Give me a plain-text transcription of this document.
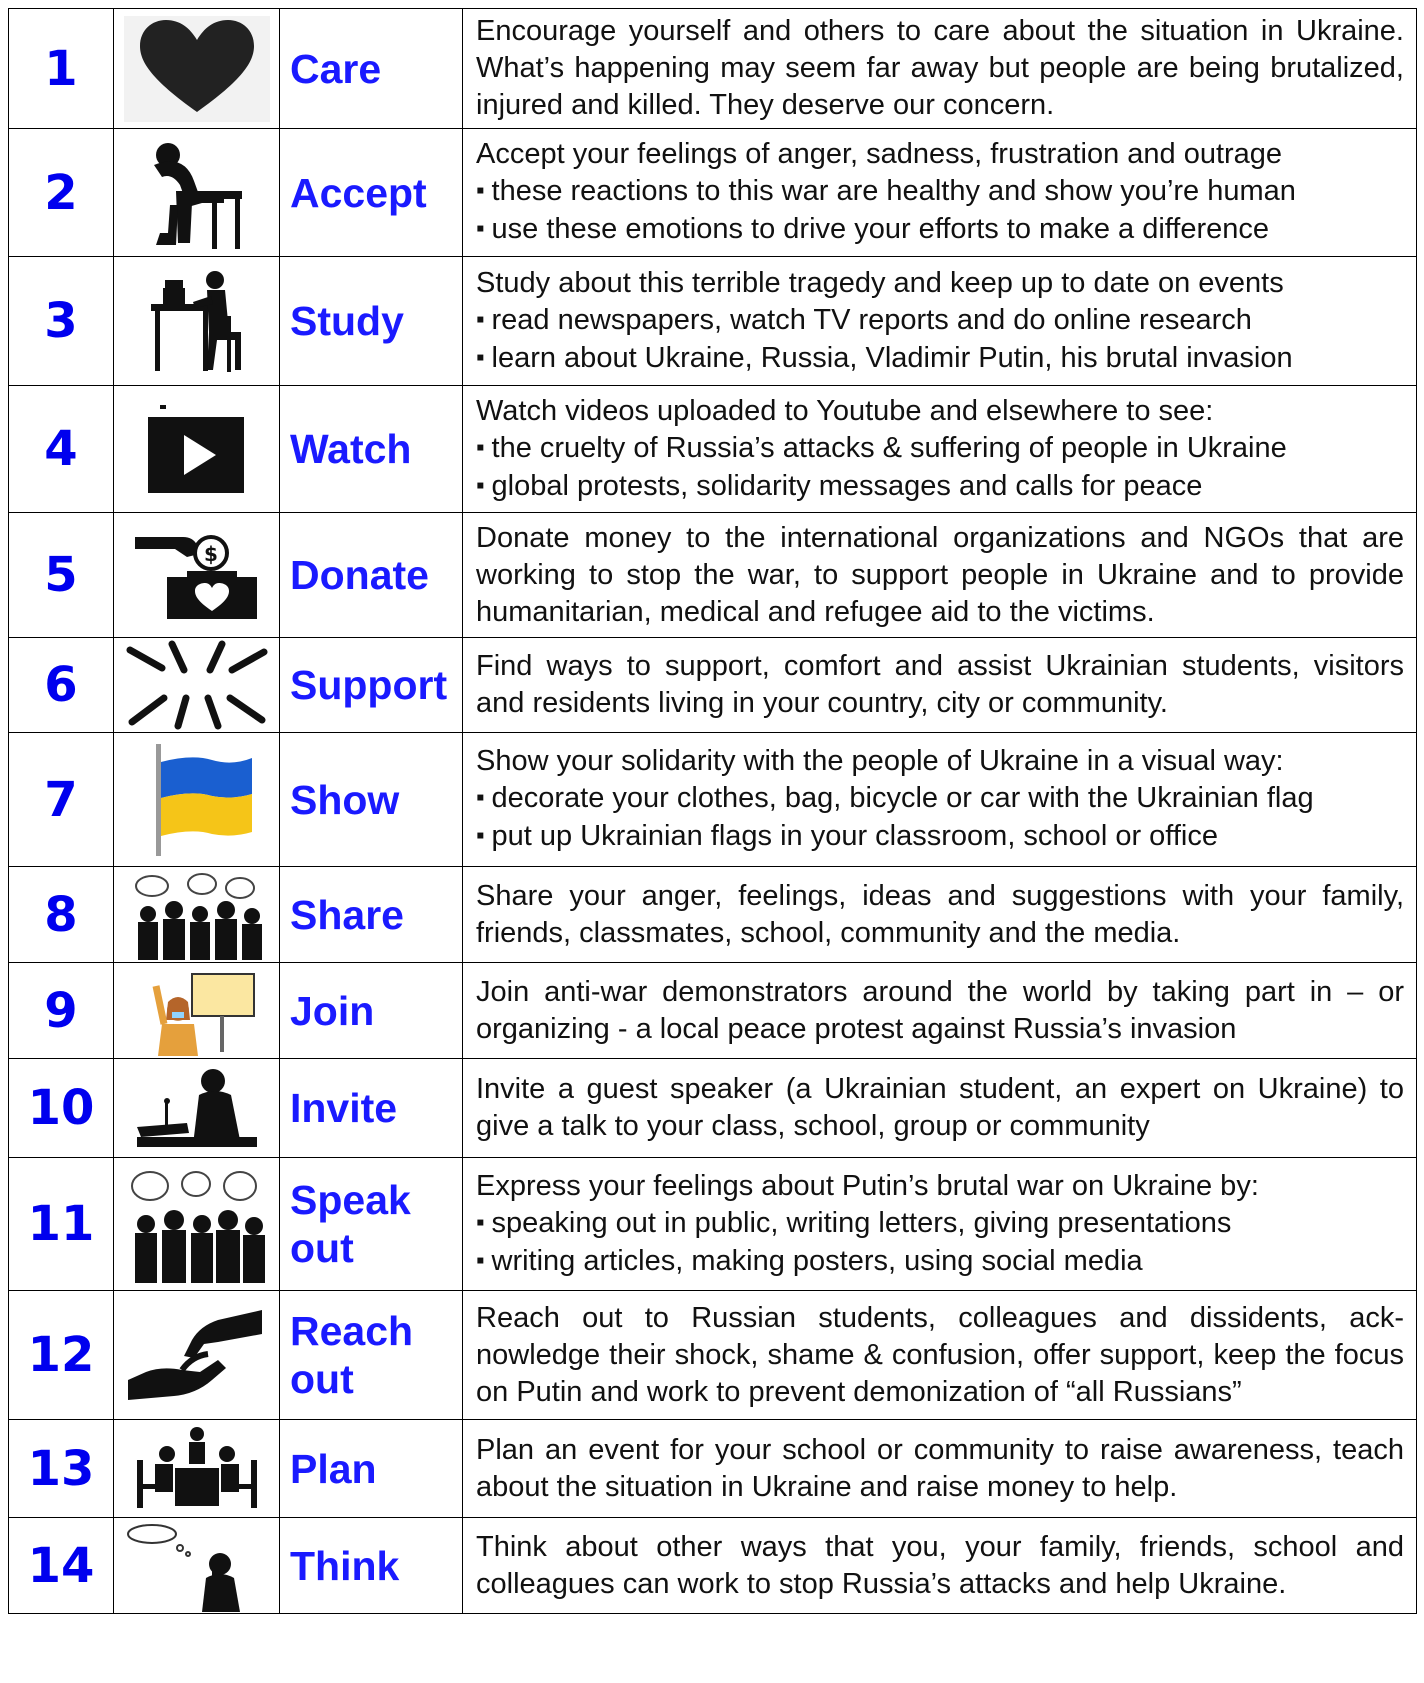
1		Care	Encourage yourself and others to care about the situation in Ukraine. What’s happening may seem far away but people are being brutalized, injured and killed. They deserve our concern.

2		Accept	Accept your feelings of anger, sadness, frustration and outrage
▪ these reactions to this war are healthy and show you’re human
▪ use these emotions to drive your efforts to make a difference

3		Study	Study about this terrible tragedy and keep up to date on events
▪ read newspapers, watch TV reports and do online research
▪ learn about Ukraine, Russia, Vladimir Putin, his brutal invasion

4		Watch	Watch videos uploaded to Youtube and elsewhere to see:
▪ the cruelty of Russia’s attacks & suffering of people in Ukraine
▪ global protests, solidarity messages and calls for peace

5	$	Donate	Donate money to the international organizations and NGOs that are working to stop the war, to support people in Ukraine and to provide humanitarian, medical and refugee aid to the victims.

6		Support	Find ways to support, comfort and assist Ukrainian students, visitors and residents living in your country, city or community.

7		Show	Show your solidarity with the people of Ukraine in a visual way:
▪ decorate your clothes, bag, bicycle or car with the Ukrainian flag
▪ put up Ukrainian flags in your classroom, school or office

8		Share	Share your anger, feelings, ideas and suggestions with your family, friends, classmates, school, community and the media.

9		Join	Join anti-war demonstrators around the world by taking part in – or organizing - a local peace protest against Russia’s invasion

10		Invite	Invite a guest speaker (a Ukrainian student, an expert on Ukraine) to give a talk to your class, school, group or community

11		Speak out	Express your feelings about Putin’s brutal war on Ukraine by:
▪ speaking out in public, writing letters, giving presentations
▪ writing articles, making posters, using social media

12		Reach out	Reach out to Russian students, colleagues and dissidents, ack-nowledge their shock, shame & confusion, offer support, keep the focus on Putin and work to prevent demonization of “all Russians”

13		Plan	Plan an event for your school or community to raise awareness, teach about the situation in Ukraine and raise money to help.

14		Think	Think about other ways that you, your family, friends, school and colleagues can work to stop Russia’s attacks and help Ukraine.
